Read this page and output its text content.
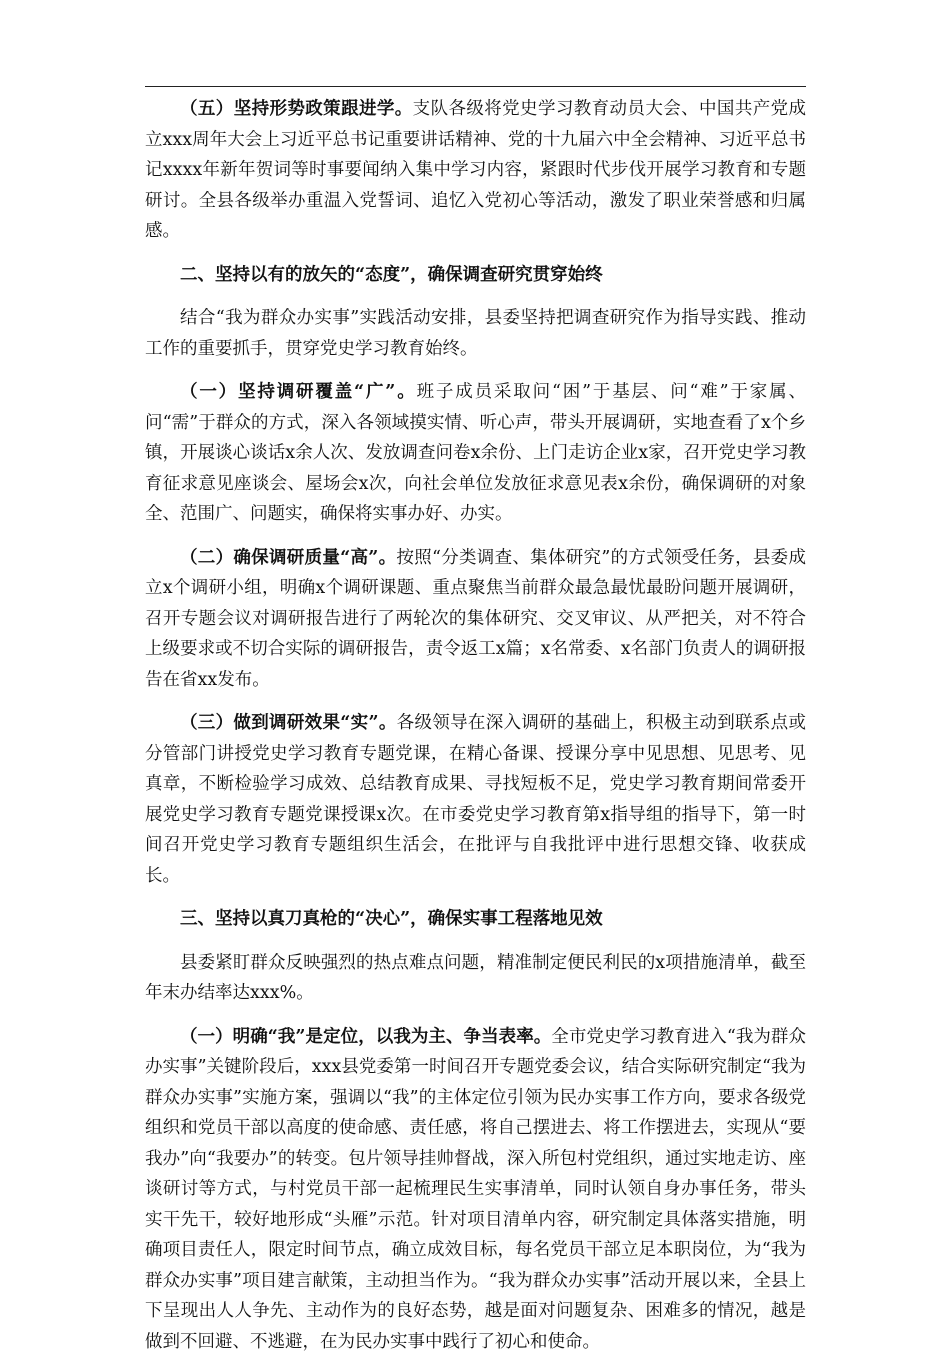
（五）坚持形势政策跟进学。支队各级将党史学习教育动员大会、中国共产党成立xxx周年大会上习近平总书记重要讲话精神、党的十九届六中全会精神、习近平总书记xxxx年新年贺词等时事要闻纳入集中学习内容，紧跟时代步伐开展学习教育和专题研讨。全县各级举办重温入党誓词、追忆入党初心等活动，激发了职业荣誉感和归属感。

二、坚持以有的放矢的“态度”，确保调查研究贯穿始终

结合“我为群众办实事”实践活动安排，县委坚持把调查研究作为指导实践、推动工作的重要抓手，贯穿党史学习教育始终。

（一）坚持调研覆盖“广”。班子成员采取问“困”于基层、问“难”于家属、问“需”于群众的方式，深入各领域摸实情、听心声，带头开展调研，实地查看了x个乡镇，开展谈心谈话x余人次、发放调查问卷x余份、上门走访企业x家，召开党史学习教育征求意见座谈会、屋场会x次，向社会单位发放征求意见表x余份，确保调研的对象全、范围广、问题实，确保将实事办好、办实。

（二）确保调研质量“高”。按照“分类调查、集体研究”的方式领受任务，县委成立x个调研小组，明确x个调研课题、重点聚焦当前群众最急最忧最盼问题开展调研，召开专题会议对调研报告进行了两轮次的集体研究、交叉审议、从严把关，对不符合上级要求或不切合实际的调研报告，责令返工x篇；x名常委、x名部门负责人的调研报告在省xx发布。

（三）做到调研效果“实”。各级领导在深入调研的基础上，积极主动到联系点或分管部门讲授党史学习教育专题党课，在精心备课、授课分享中见思想、见思考、见真章，不断检验学习成效、总结教育成果、寻找短板不足，党史学习教育期间常委开展党史学习教育专题党课授课x次。在市委党史学习教育第x指导组的指导下，第一时间召开党史学习教育专题组织生活会，在批评与自我批评中进行思想交锋、收获成长。

三、坚持以真刀真枪的“决心”，确保实事工程落地见效

县委紧盯群众反映强烈的热点难点问题，精准制定便民利民的x项措施清单，截至年末办结率达xxx%。

（一）明确“我”是定位，以我为主、争当表率。全市党史学习教育进入“我为群众办实事”关键阶段后，xxx县党委第一时间召开专题党委会议，结合实际研究制定“我为群众办实事”实施方案，强调以“我”的主体定位引领为民办实事工作方向，要求各级党组织和党员干部以高度的使命感、责任感，将自己摆进去、将工作摆进去，实现从“要我办”向“我要办”的转变。包片领导挂帅督战，深入所包村党组织，通过实地走访、座谈研讨等方式，与村党员干部一起梳理民生实事清单，同时认领自身办事任务，带头实干先干，较好地形成“头雁”示范。针对项目清单内容，研究制定具体落实措施，明确项目责任人，限定时间节点，确立成效目标，每名党员干部立足本职岗位，为“我为群众办实事”项目建言献策，主动担当作为。“我为群众办实事”活动开展以来，全县上下呈现出人人争先、主动作为的良好态势，越是面对问题复杂、困难多的情况，越是做到不回避、不逃避，在为民办实事中践行了初心和使命。
